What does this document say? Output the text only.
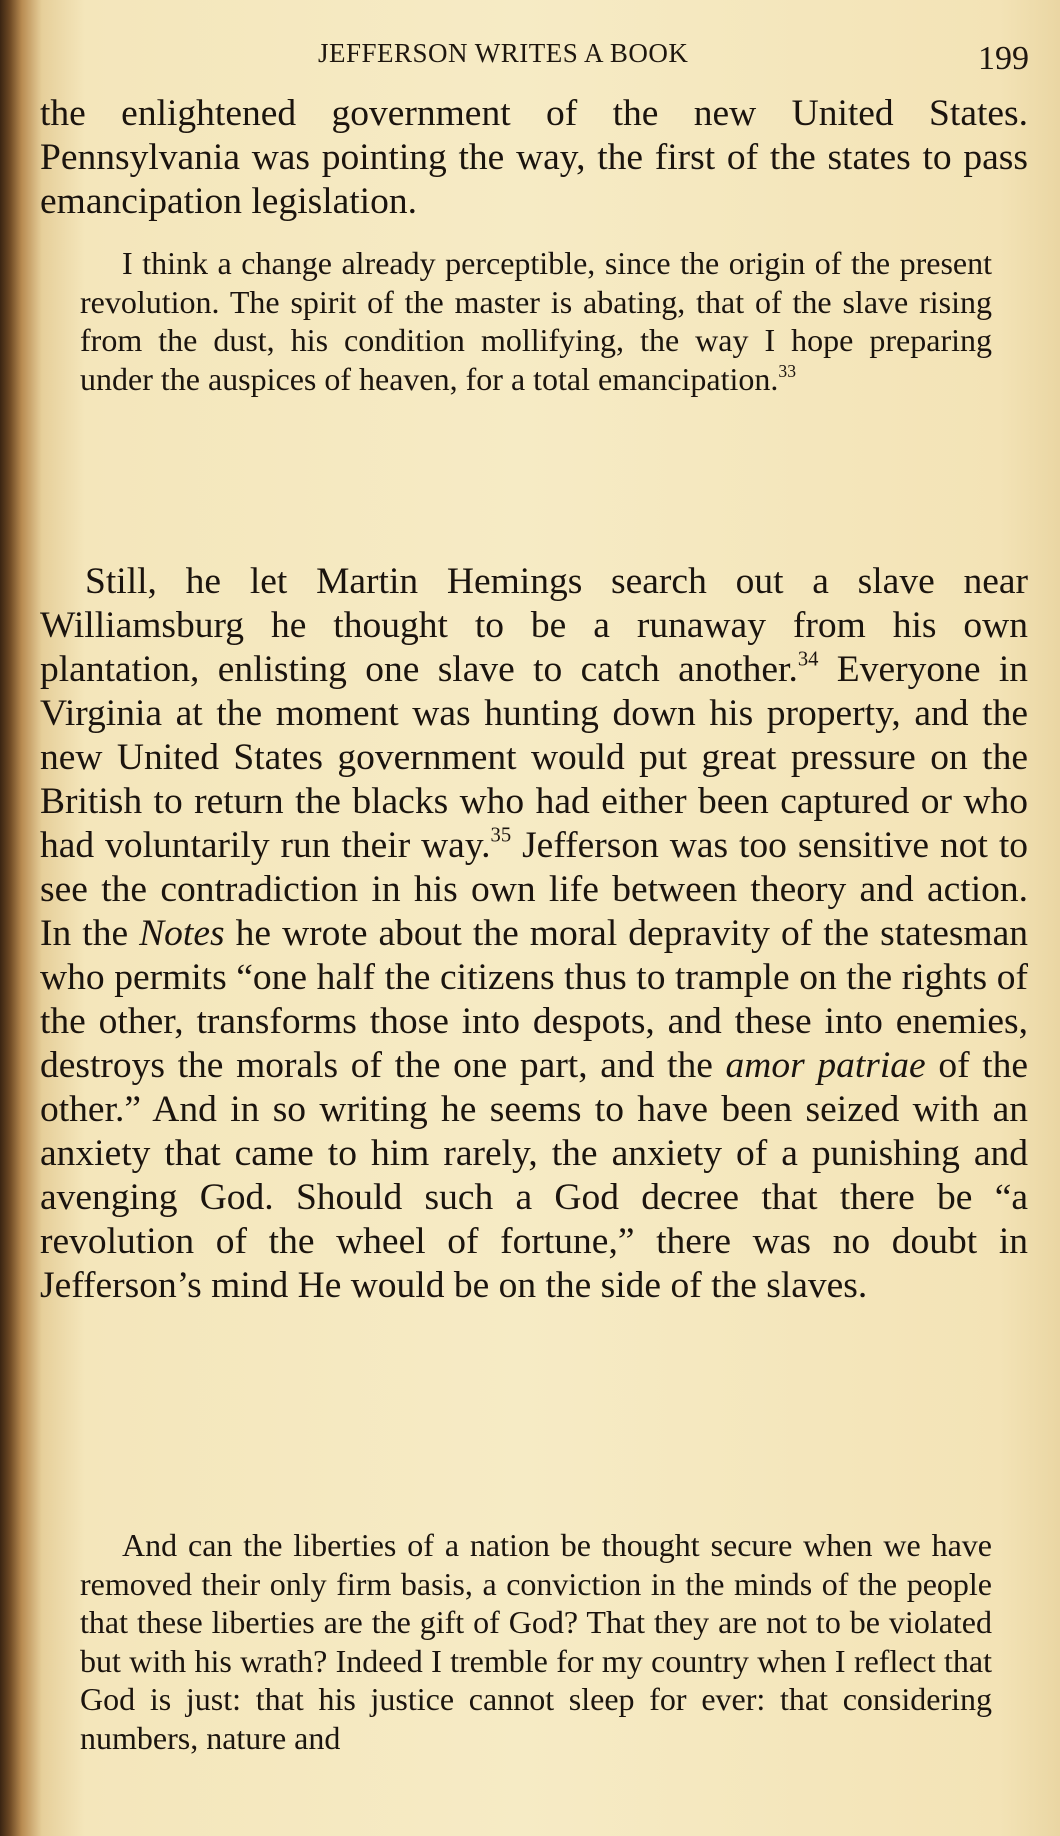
JEFFERSON WRITES A BOOK	199

the enlightened government of the new United States. Pennsylvania was pointing the way, the first of the states to pass emancipation legislation.

I think a change already perceptible, since the origin of the present revolution. The spirit of the master is abating, that of the slave rising from the dust, his condition mollifying, the way I hope preparing under the auspices of heaven, for a total emancipation.$^{33}$

Still, he let Martin Hemings search out a slave near Williamsburg he thought to be a runaway from his own plantation, enlisting one slave to catch another.$^{34}$ Everyone in Virginia at the moment was hunting down his property, and the new United States government would put great pressure on the British to return the blacks who had either been captured or who had voluntarily run their way.$^{35}$ Jefferson was too sensitive not to see the contradiction in his own life between theory and action. In the Notes he wrote about the moral depravity of the statesman who permits “one half the citizens thus to trample on the rights of the other, transforms those into despots, and these into enemies, destroys the morals of the one part, and the amor patriae of the other.” And in so writing he seems to have been seized with an anxiety that came to him rarely, the anxiety of a punishing and avenging God. Should such a God decree that there be “a revolution of the wheel of fortune,” there was no doubt in Jefferson’s mind He would be on the side of the slaves.

And can the liberties of a nation be thought secure when we have removed their only firm basis, a conviction in the minds of the people that these liberties are the gift of God? That they are not to be violated but with his wrath? Indeed I tremble for my country when I reflect that God is just: that his justice cannot sleep for ever: that considering numbers, nature and
